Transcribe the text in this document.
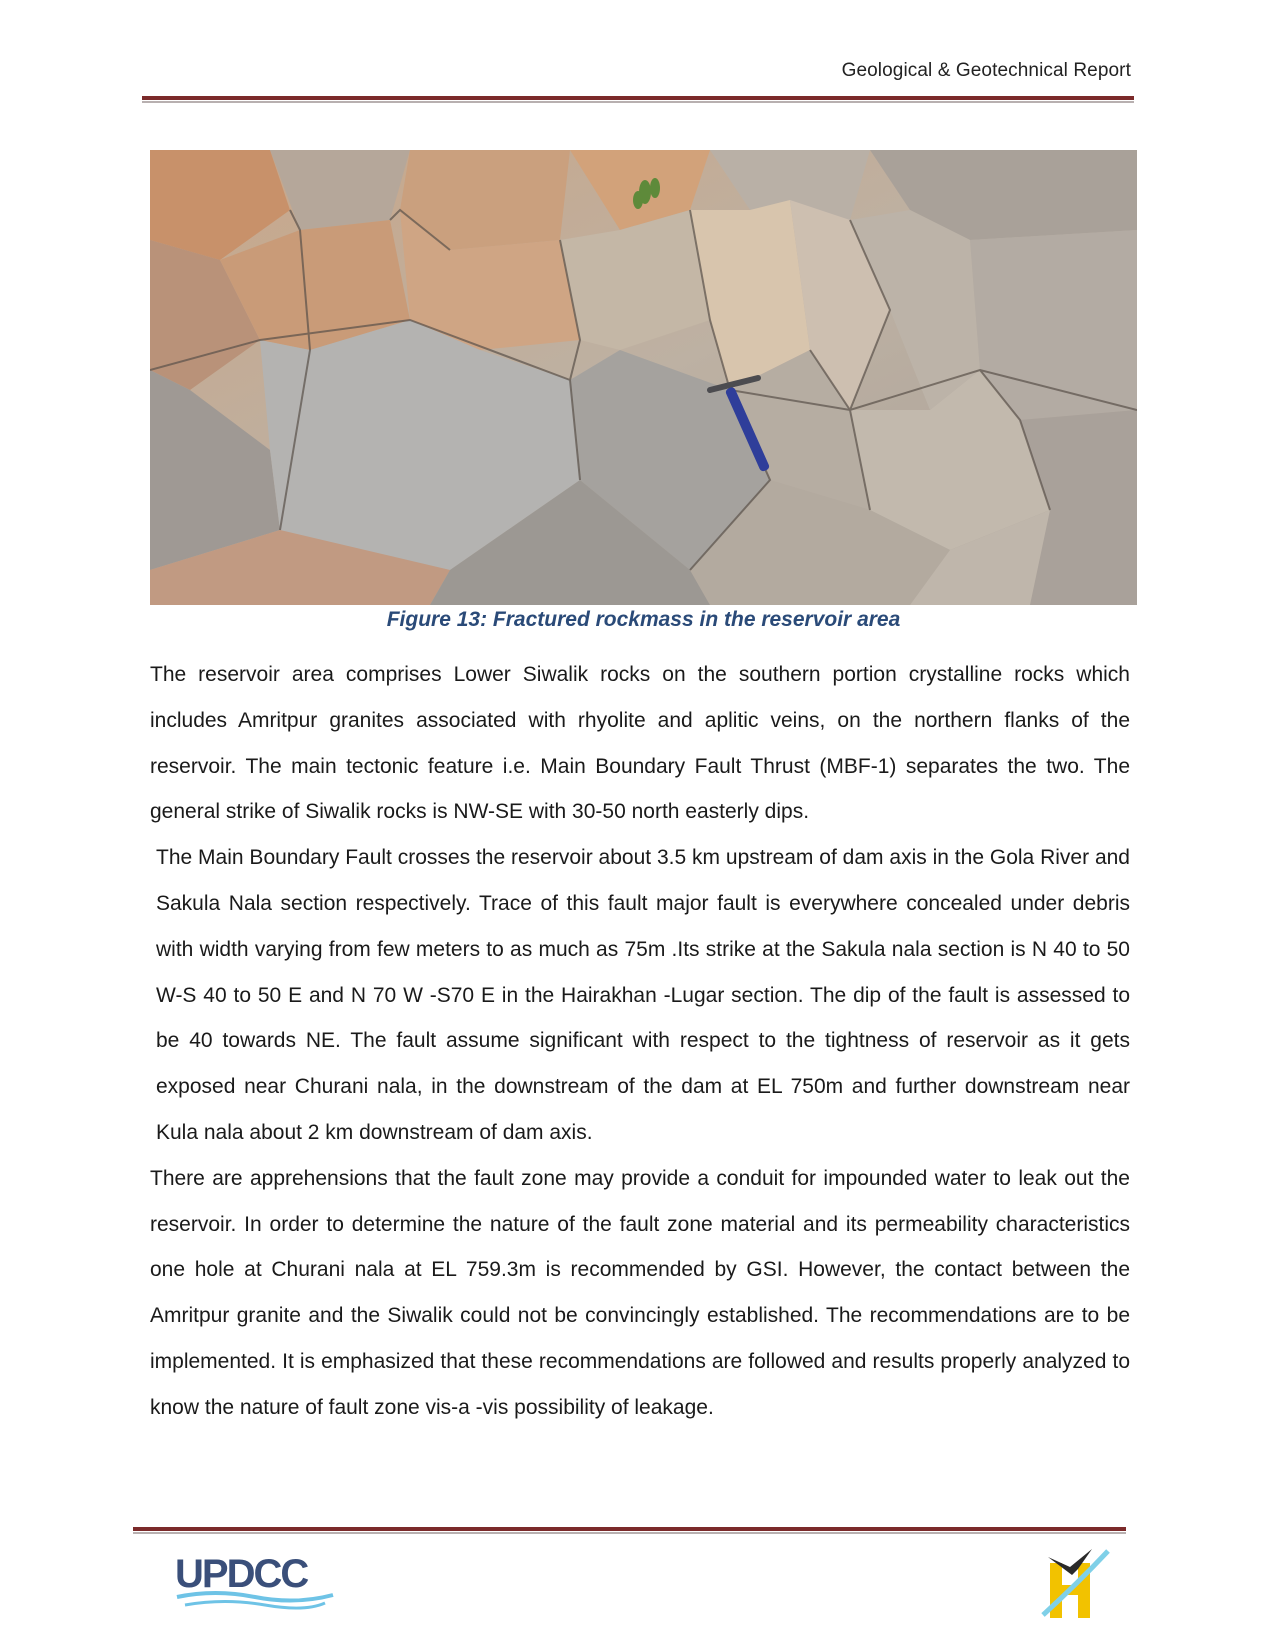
Geological & Geotechnical Report
Figure 13: Fractured rockmass in the reservoir area

The reservoir area comprises Lower Siwalik rocks on the southern portion crystalline rocks which includes Amritpur granites associated with rhyolite and aplitic veins, on the northern flanks of the reservoir. The main tectonic feature i.e. Main Boundary Fault Thrust (MBF-1) separates the two. The general strike of Siwalik rocks is NW-SE with 30-50 north easterly dips.

The Main Boundary Fault crosses the reservoir about 3.5 km upstream of dam axis in the Gola River and Sakula Nala section respectively. Trace of this fault major fault is everywhere concealed under debris with width varying from few meters to as much as 75m .Its strike at the Sakula nala section is N 40 to 50 W-S 40 to 50 E and N 70 W -S70 E in the Hairakhan -Lugar section. The dip of the fault is assessed to be 40 towards NE. The fault assume significant with respect to the tightness of reservoir as it gets exposed near Churani nala, in the downstream of the dam at EL 750m and further downstream near Kula nala about 2 km downstream of dam axis.

There are apprehensions that the fault zone may provide a conduit for impounded water to leak out the reservoir. In order to determine the nature of the fault zone material and its permeability characteristics one hole at Churani nala at EL 759.3m is recommended by GSI. However, the contact between the Amritpur granite and the Siwalik could not be convincingly established. The recommendations are to be implemented. It is emphasized that these recommendations are followed and results properly analyzed to know the nature of fault zone vis-a -vis possibility of leakage.

UPDCC
